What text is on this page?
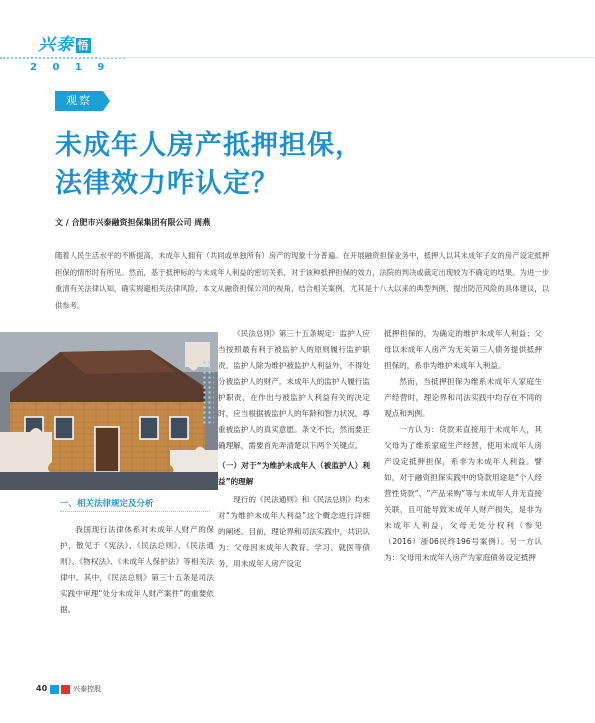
兴泰 悟
2 0 1 9
观察
未成年人房产抵押担保，
法律效力咋认定？
文 / 合肥市兴泰融资担保集团有限公司 周燕
随着人民生活水平的不断提高，未成年人拥有（共同或单独所有）房产的现象十分普遍。在开展融资担保业务中，抵押人以其未成年子女的房产设定抵押担保的情形时有所见。然而，基于抵押标的与未成年人利益的密切关系，对于该种抵押担保的效力，法院的判决或裁定出现较为不确定的结果。为进一步重清有关法律认知，确实规避相关法律风险，本文从融资担保公司的视角，结合相关案例，尤其是十八大以来的典型判例，提出防范风险的具体建议，以供参考。
一、相关法律规定及分析

我国现行法律体系对未成年人财产的保护，散见于《宪法》、《民法总则》、《民法通则》、《物权法》、《未成年人保护法》等相关法律中。其中，《民法总则》第三十五条是司法实践中审理“处分未成年人财产案件”的重要依据。

《民法总则》第三十五条规定：监护人应当按照最有利于被监护人的原则履行监护职责。监护人除为维护被监护人利益外，不得处分被监护人的财产。未成年人的监护人履行监护职责，在作出与被监护人利益有关的决定时，应当根据被监护人的年龄和智力状况，尊重被监护人的真实意愿。条文不长，然而要正确理解，需要首先弄清楚以下两个关键点。

（一）对于“为维护未成年人（被监护人）利益”的理解

现行的《民法通则》和《民法总则》均未对“为维护未成年人利益”这个概念进行详细的阐述。目前，理论界和司法实践中，共识认为：父母因未成年人教育、学习、就医等债务，用未成年人房产设定

抵押担保的，为确定的维护未成年人利益；父母以未成年人房产为无关第三人债务提供抵押担保的，系非为维护未成年人利益。

然而，当抵押担保为维系未成年人家庭生产经营时，理论界和司法实践中均存在不同的观点和判例。

一方认为：贷款来直接用于未成年人，其父母为了维系家庭生产经营，使用未成年人房产设定抵押担保，系非为未成年人利益。譬如，对于融资担保实践中的贷款用途是“个人经营性贷款”、“产品采购”等与未成年人并无直接关联，且可能导致未成年人财产损失，是非为未成年人利益，父母无处分权利（参见（2016）浙06民终196号案例）。另一方认为：父母用未成年人房产为家庭债务设定抵押

40	兴泰控股
